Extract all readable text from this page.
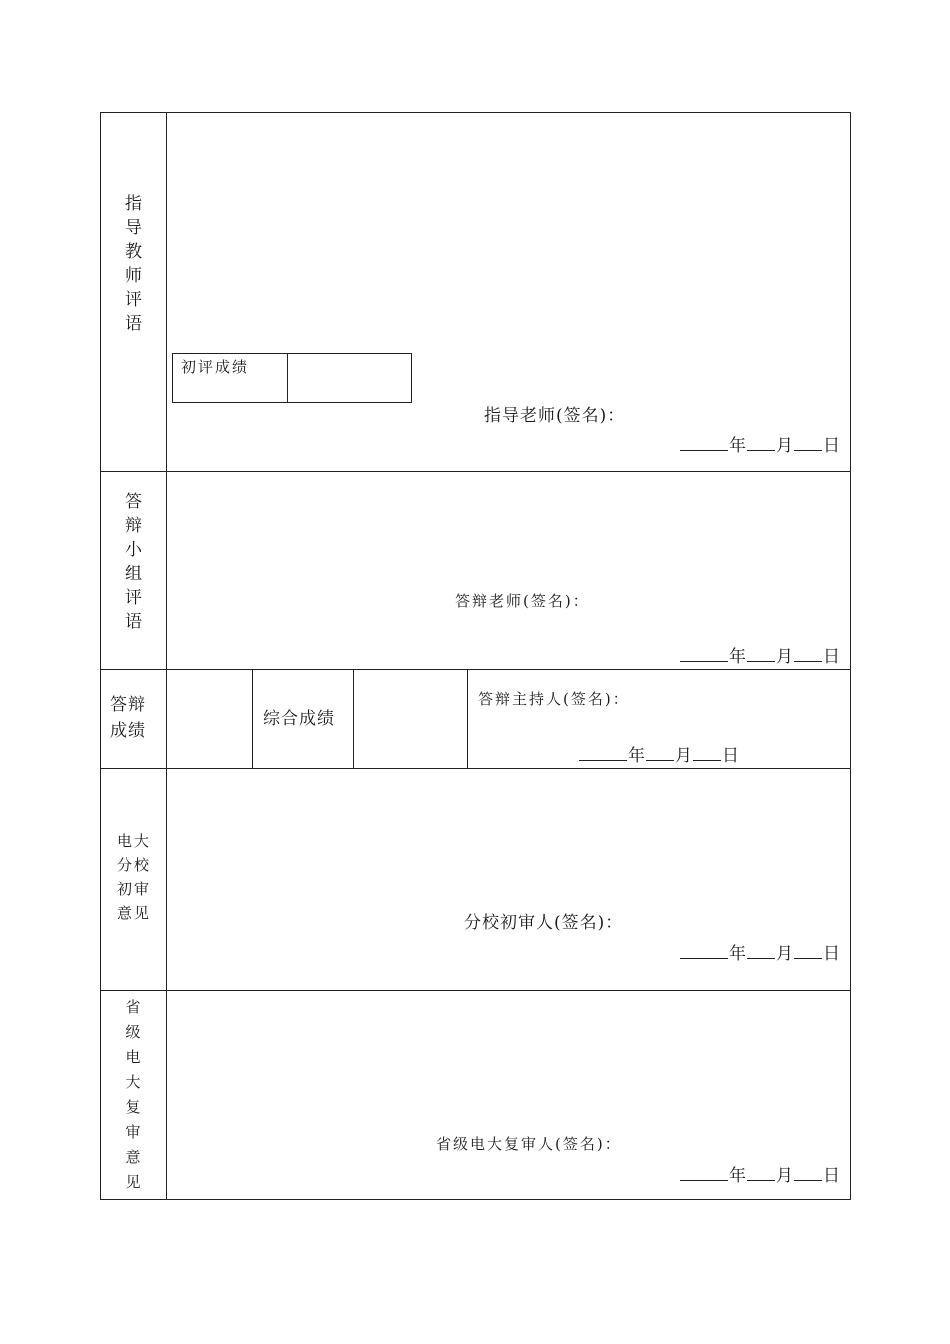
指
导
教
师
评
语
初评成绩
指导老师(签名)：
年 月 日
答
辩
小
组
评
语
答辩老师(签名)：
年 月 日
答辩
成绩
综合成绩
答辩主持人(签名)：
年 月 日
电大
分校
初审
意见	分校初审人(签名)：
年 月 日
省
级
电
大
复
审
意
见
省级电大复审人(签名)：
年 月 日
